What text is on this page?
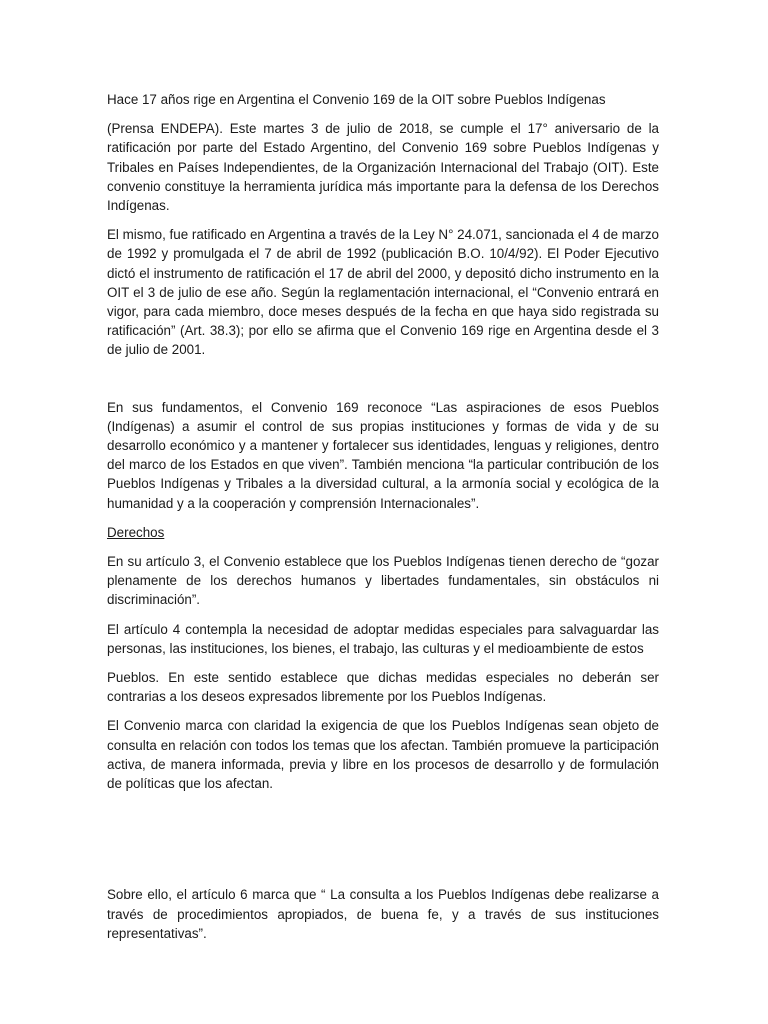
Hace 17 años rige en Argentina el Convenio 169 de la OIT sobre Pueblos Indígenas

(Prensa ENDEPA). Este martes 3 de julio de 2018, se cumple el 17° aniversario de la ratificación por parte del Estado Argentino, del Convenio 169 sobre Pueblos Indígenas y Tribales en Países Independientes, de la Organización Internacional del Trabajo (OIT). Este convenio constituye la herramienta jurídica más importante para la defensa de los Derechos Indígenas.

El mismo, fue ratificado en Argentina a través de la Ley N° 24.071, sancionada el 4 de marzo de 1992 y promulgada el 7 de abril de 1992 (publicación B.O. 10/4/92). El Poder Ejecutivo dictó el instrumento de ratificación el 17 de abril del 2000, y depositó dicho instrumento en la OIT el 3 de julio de ese año. Según la reglamentación internacional, el “Convenio entrará en vigor, para cada miembro, doce meses después de la fecha en que haya sido registrada su ratificación” (Art. 38.3); por ello se afirma que el Convenio 169 rige en Argentina desde el 3 de julio de 2001.

En sus fundamentos, el Convenio 169 reconoce “Las aspiraciones de esos Pueblos (Indígenas) a asumir el control de sus propias instituciones y formas de vida y de su desarrollo económico y a mantener y fortalecer sus identidades, lenguas y religiones, dentro del marco de los Estados en que viven”. También menciona “la particular contribución de los Pueblos Indígenas y Tribales a la diversidad cultural, a la armonía social y ecológica de la humanidad y a la cooperación y comprensión Internacionales”.

Derechos

En su artículo 3, el Convenio establece que los Pueblos Indígenas tienen derecho de “gozar plenamente de los derechos humanos y libertades fundamentales, sin obstáculos ni discriminación”.

El artículo 4 contempla la necesidad de adoptar medidas especiales para salvaguardar las personas, las instituciones, los bienes, el trabajo, las culturas y el medioambiente de estos

Pueblos. En este sentido establece que dichas medidas especiales no deberán ser contrarias a los deseos expresados libremente por los Pueblos Indígenas.

El Convenio marca con claridad la exigencia de que los Pueblos Indígenas sean objeto de consulta en relación con todos los temas que los afectan. También promueve la participación activa, de manera informada, previa y libre en los procesos de desarrollo y de formulación de políticas que los afectan.

Sobre ello, el artículo 6 marca que “ La consulta a los Pueblos Indígenas debe realizarse a través de procedimientos apropiados, de buena fe, y a través de sus instituciones representativas”.
